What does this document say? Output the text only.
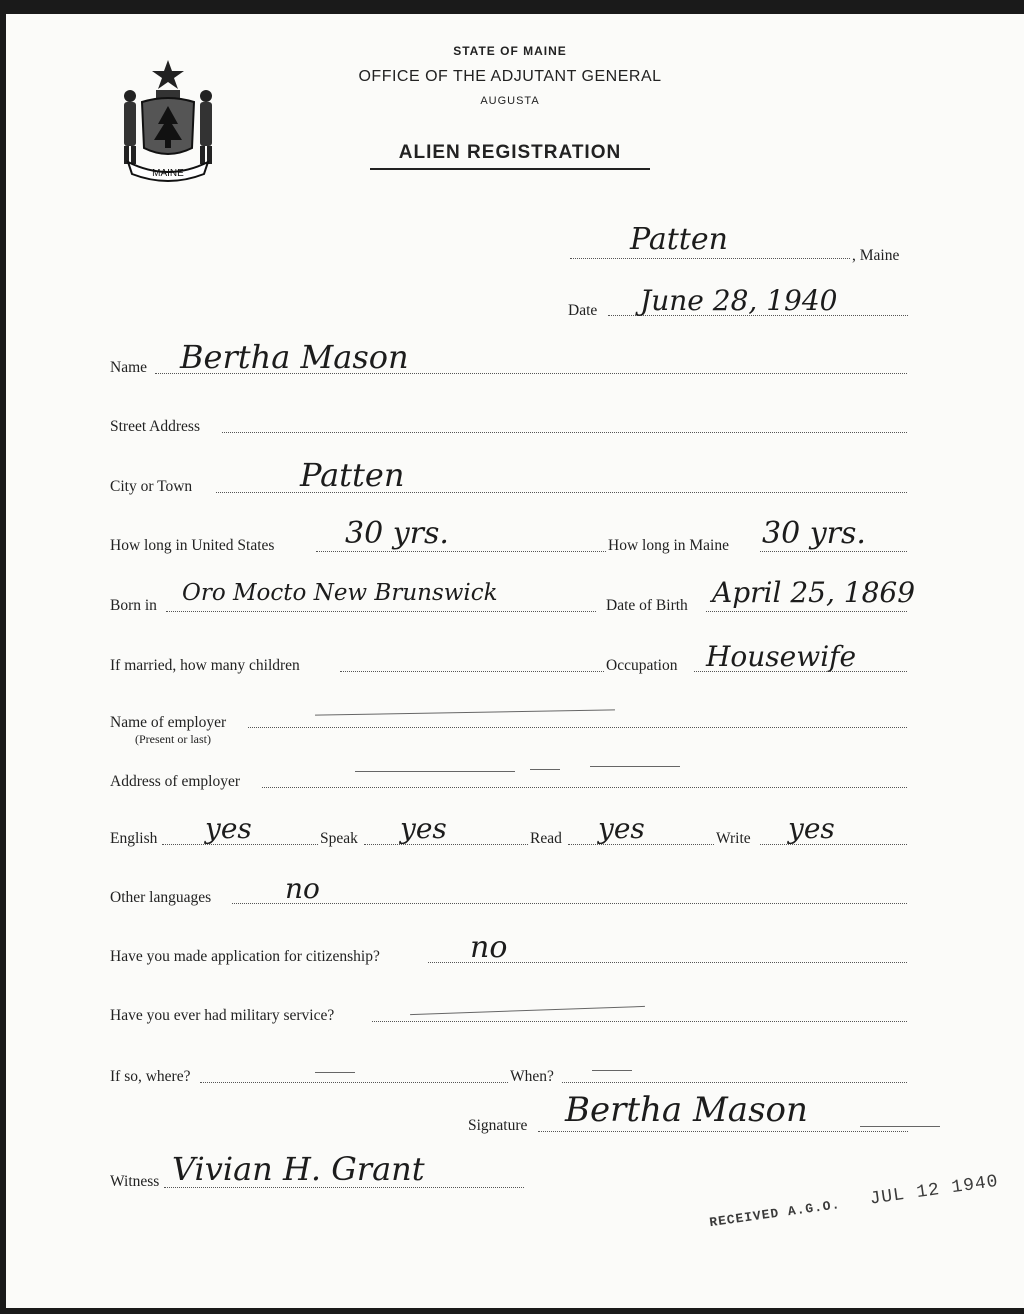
MAINE
STATE OF MAINE
OFFICE OF THE ADJUTANT GENERAL
AUGUSTA
ALIEN REGISTRATION
Patten	, Maine
Date June 28, 1940
Name Bertha Mason
Street Address
City or Town	Patten
How long in United States 30 yrs.	How long in Maine 30 yrs.
Born in Oro Mocto New Brunswick	Date of Birth April 25, 1869
If married, how many children	Occupation Housewife
Name of employer
(Present or last)
Address of employer
English yes	Speak yes	Read yes	Write yes
Other languages	no
Have you made application for citizenship?	no
Have you ever had military service?
If so, where?	When?
Signature Bertha Mason
Witness Vivian H. Grant
RECEIVED A.G.O.   JUL 12 1940
